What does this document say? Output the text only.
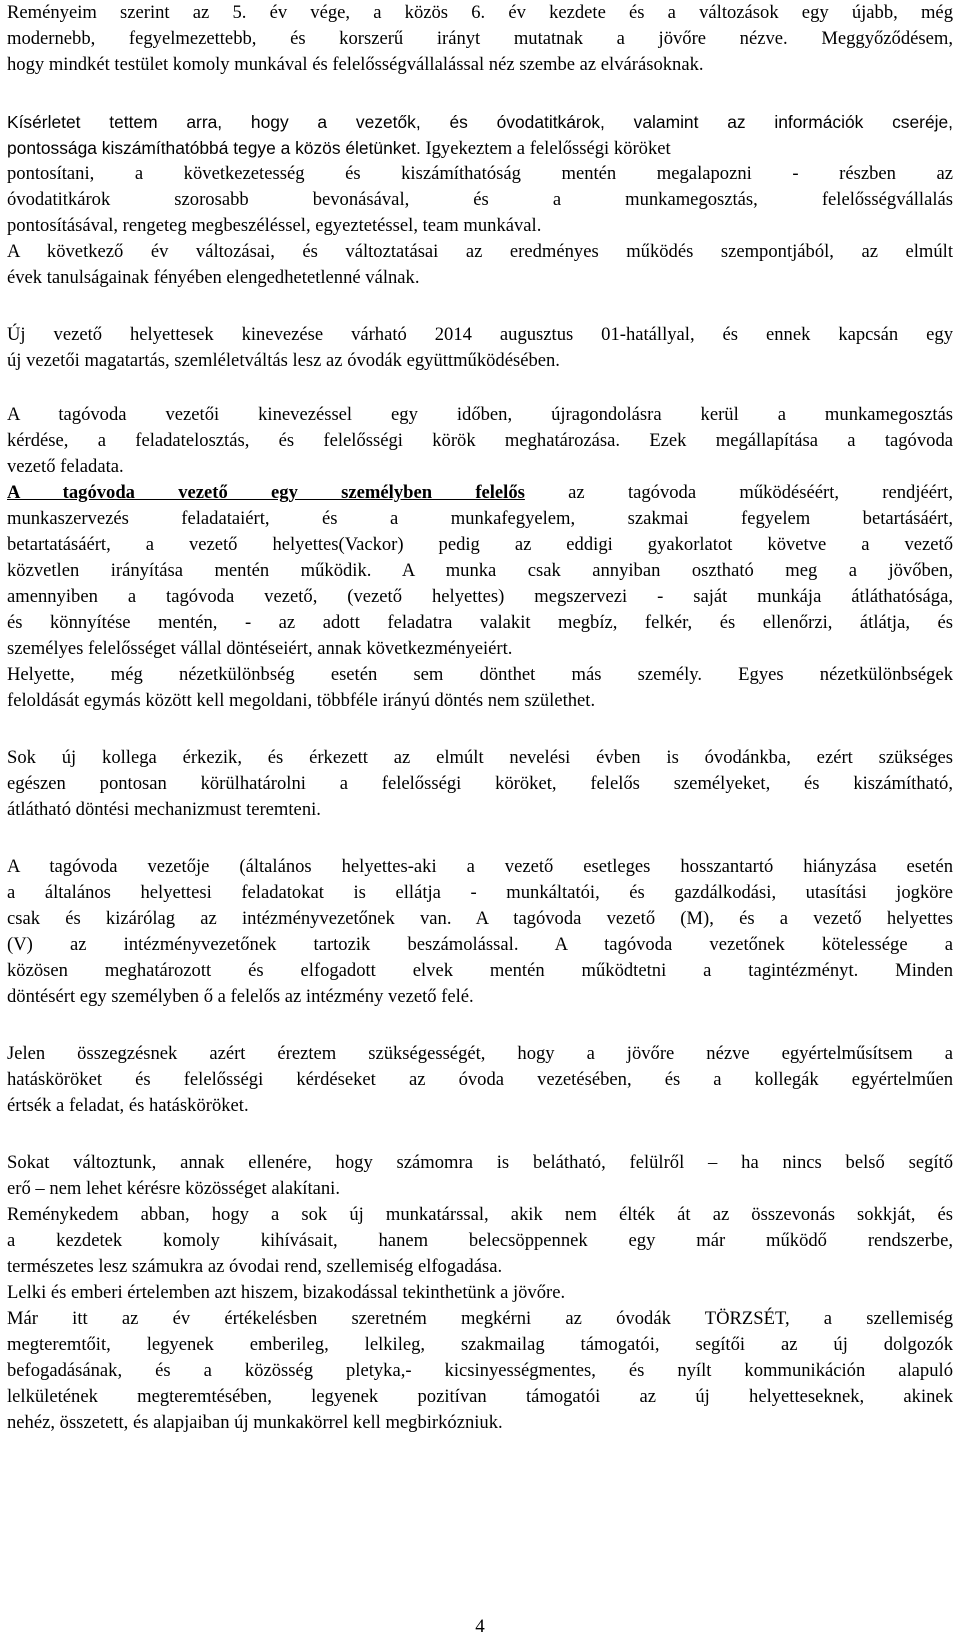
Reményeim szerint az 5. év vége, a közös 6. év kezdete és a változások egy újabb, még
modernebb, fegyelmezettebb, és korszerű irányt mutatnak a jövőre nézve. Meggyőződésem,
hogy mindkét testület komoly munkával és felelősségvállalással néz szembe az elvárásoknak.
Kísérletet tettem arra, hogy a vezetők, és óvodatitkárok, valamint az információk cseréje,
pontossága kiszámíthatóbbá tegye a közös életünket. Igyekeztem a felelősségi köröket
pontosítani, a következetesség és kiszámíthatóság mentén megalapozni - részben az
óvodatitkárok szorosabb bevonásával, és a munkamegosztás, felelősségvállalás
pontosításával, rengeteg megbeszéléssel, egyeztetéssel, team munkával.
A következő év változásai, és változtatásai az eredményes működés szempontjából, az elmúlt
évek tanulságainak fényében elengedhetetlenné válnak.
Új vezető helyettesek kinevezése várható 2014 augusztus 01-hatállyal, és ennek kapcsán egy
új vezetői magatartás, szemléletváltás lesz az óvodák együttműködésében.
A tagóvoda vezetői kinevezéssel egy időben, újragondolásra kerül a munkamegosztás
kérdése, a feladatelosztás, és felelősségi körök meghatározása. Ezek megállapítása a tagóvoda
vezető feladata.
A tagóvoda vezető egy személyben felelős az tagóvoda működéséért, rendjéért,
munkaszervezés feladataiért, és a munkafegyelem, szakmai fegyelem betartásáért,
betartatásáért, a vezető helyettes(Vackor) pedig az eddigi gyakorlatot követve a vezető
közvetlen irányítása mentén működik. A munka csak annyiban osztható meg a jövőben,
amennyiben a tagóvoda vezető, (vezető helyettes) megszervezi - saját munkája átláthatósága,
és könnyítése mentén, - az adott feladatra valakit megbíz, felkér, és ellenőrzi, átlátja, és
személyes felelősséget vállal döntéseiért, annak következményeiért.
Helyette, még nézetkülönbség esetén sem dönthet más személy. Egyes nézetkülönbségek
feloldását egymás között kell megoldani, többféle irányú döntés nem születhet.
Sok új kollega érkezik, és érkezett az elmúlt nevelési évben is óvodánkba, ezért szükséges
egészen pontosan körülhatárolni a felelősségi köröket, felelős személyeket, és kiszámítható,
átlátható döntési mechanizmust teremteni.
A tagóvoda vezetője (általános helyettes-aki a vezető esetleges hosszantartó hiányzása esetén
a általános helyettesi feladatokat is ellátja - munkáltatói, és gazdálkodási, utasítási jogköre
csak és kizárólag az intézményvezetőnek van. A tagóvoda vezető (M), és a vezető helyettes
(V) az intézményvezetőnek tartozik beszámolással. A tagóvoda vezetőnek kötelessége a
közösen meghatározott és elfogadott elvek mentén működtetni a tagintézményt. Minden
döntésért egy személyben ő a felelős az intézmény vezető felé.
Jelen összegzésnek azért éreztem szükségességét, hogy a jövőre nézve egyértelműsítsem a
hatásköröket és felelősségi kérdéseket az óvoda vezetésében, és a kollegák egyértelműen
értsék a feladat, és hatásköröket.
Sokat változtunk, annak ellenére, hogy számomra is belátható, felülről – ha nincs belső segítő
erő – nem lehet kérésre közösséget alakítani.
Reménykedem abban, hogy a sok új munkatárssal, akik nem élték át az összevonás sokkját, és
a kezdetek komoly kihívásait, hanem belecsöppennek egy már működő rendszerbe,
természetes lesz számukra az óvodai rend, szellemiség elfogadása.
Lelki és emberi értelemben azt hiszem, bizakodással tekinthetünk a jövőre.
Már itt az év értékelésben szeretném megkérni az óvodák TÖRZSÉT, a szellemiség
megteremtőit, legyenek emberileg, lelkileg, szakmailag támogatói, segítői az új dolgozók
befogadásának, és a közösség pletyka,- kicsinyességmentes, és nyílt kommunikáción alapuló
lelkületének megteremtésében, legyenek pozitívan támogatói az új helyetteseknek, akinek
nehéz, összetett, és alapjaiban új munkakörrel kell megbirkózniuk.
4
